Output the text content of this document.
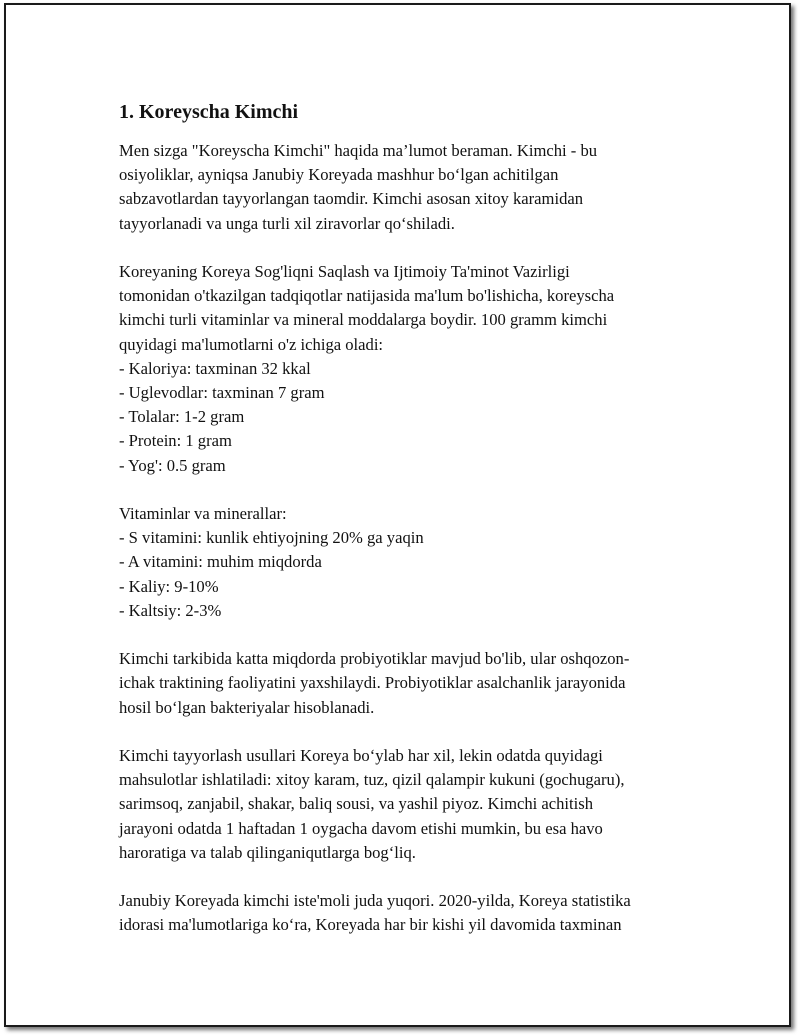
1. Koreyscha Kimchi

Men sizga "Koreyscha Kimchi" haqida ma’lumot beraman. Kimchi - bu
osiyoliklar, ayniqsa Janubiy Koreyada mashhur bo‘lgan achitilgan
sabzavotlardan tayyorlangan taomdir. Kimchi asosan xitoy karamidan
tayyorlanadi va unga turli xil ziravorlar qo‘shiladi.

Koreyaning Koreya Sog'liqni Saqlash va Ijtimoiy Ta'minot Vazirligi
tomonidan o'tkazilgan tadqiqotlar natijasida ma'lum bo'lishicha, koreyscha
kimchi turli vitaminlar va mineral moddalarga boydir. 100 gramm kimchi
quyidagi ma'lumotlarni o'z ichiga oladi:
- Kaloriya: taxminan 32 kkal
- Uglevodlar: taxminan 7 gram
- Tolalar: 1-2 gram
- Protein: 1 gram
- Yog': 0.5 gram

Vitaminlar va minerallar:
- S vitamini: kunlik ehtiyojning 20% ga yaqin
- A vitamini: muhim miqdorda
- Kaliy: 9-10%
- Kaltsiy: 2-3%

Kimchi tarkibida katta miqdorda probiyotiklar mavjud bo'lib, ular oshqozon-
ichak traktining faoliyatini yaxshilaydi. Probiyotiklar asalchanlik jarayonida
hosil bo‘lgan bakteriyalar hisoblanadi.

Kimchi tayyorlash usullari Koreya bo‘ylab har xil, lekin odatda quyidagi
mahsulotlar ishlatiladi: xitoy karam, tuz, qizil qalampir kukuni (gochugaru),
sarimsoq, zanjabil, shakar, baliq sousi, va yashil piyoz. Kimchi achitish
jarayoni odatda 1 haftadan 1 oygacha davom etishi mumkin, bu esa havo
haroratiga va talab qilinganiqutlarga bog‘liq.

Janubiy Koreyada kimchi iste'moli juda yuqori. 2020-yilda, Koreya statistika
idorasi ma'lumotlariga ko‘ra, Koreyada har bir kishi yil davomida taxminan
